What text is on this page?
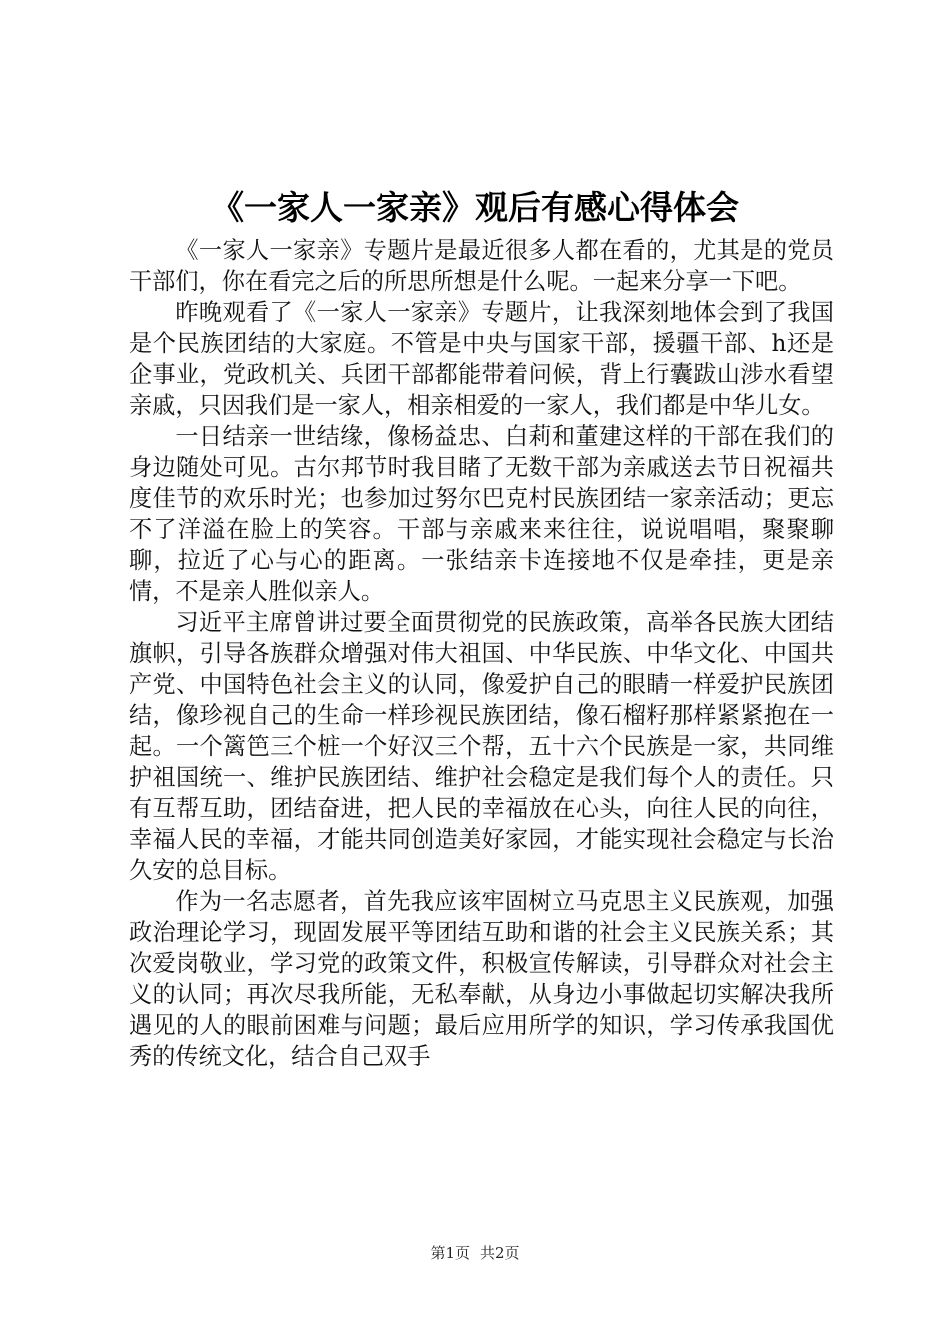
《一家人一家亲》观后有感心得体会

《一家人一家亲》专题片是最近很多人都在看的，尤其是的党员干部们，你在看完之后的所思所想是什么呢。一起来分享一下吧。

昨晚观看了《一家人一家亲》专题片，让我深刻地体会到了我国是个民族团结的大家庭。不管是中央与国家干部，援疆干部、h还是企事业，党政机关、兵团干部都能带着问候，背上行囊跋山涉水看望亲戚，只因我们是一家人，相亲相爱的一家人，我们都是中华儿女。

一日结亲一世结缘，像杨益忠、白莉和董建这样的干部在我们的身边随处可见。古尔邦节时我目睹了无数干部为亲戚送去节日祝福共度佳节的欢乐时光；也参加过努尔巴克村民族团结一家亲活动；更忘不了洋溢在脸上的笑容。干部与亲戚来来往往，说说唱唱，聚聚聊聊，拉近了心与心的距离。一张结亲卡连接地不仅是牵挂，更是亲情，不是亲人胜似亲人。

习近平主席曾讲过要全面贯彻党的民族政策，高举各民族大团结旗帜，引导各族群众增强对伟大祖国、中华民族、中华文化、中国共产党、中国特色社会主义的认同，像爱护自己的眼睛一样爱护民族团结，像珍视自己的生命一样珍视民族团结，像石榴籽那样紧紧抱在一起。一个篱笆三个桩一个好汉三个帮，五十六个民族是一家，共同维护祖国统一、维护民族团结、维护社会稳定是我们每个人的责任。只有互帮互助，团结奋进，把人民的幸福放在心头，向往人民的向往，幸福人民的幸福，才能共同创造美好家园，才能实现社会稳定与长治久安的总目标。

作为一名志愿者，首先我应该牢固树立马克思主义民族观，加强政治理论学习，现固发展平等团结互助和谐的社会主义民族关系；其次爱岗敬业，学习党的政策文件，积极宣传解读，引导群众对社会主义的认同；再次尽我所能，无私奉献，从身边小事做起切实解决我所遇见的人的眼前困难与问题；最后应用所学的知识，学习传承我国优秀的传统文化，结合自己双手

第1页 共2页
